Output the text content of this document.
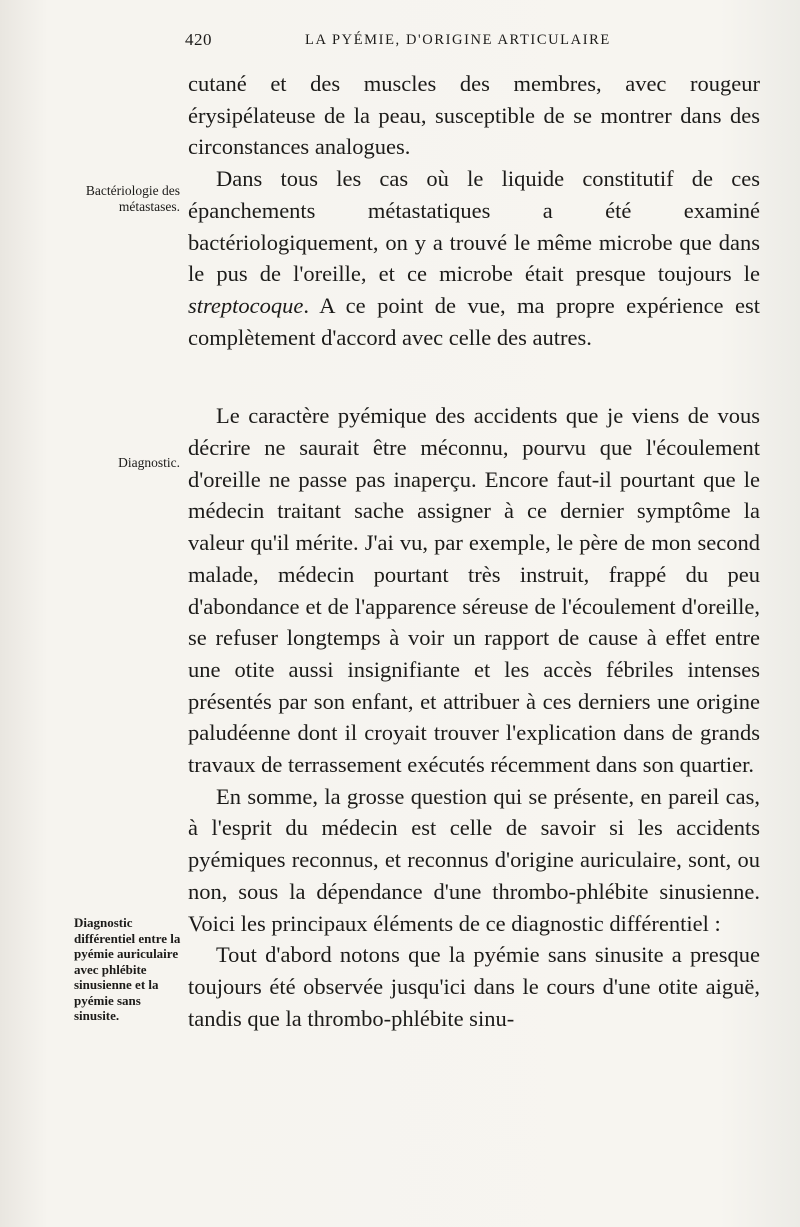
420	LA PYÉMIE, D'ORIGINE ARTICULAIRE
Bactériologie des métastases.
Diagnostic.
Diagnostic différentiel entre la pyémie auriculaire avec phlébite sinusienne et la pyémie sans sinusite.

cutané et des muscles des membres, avec rougeur érysipélateuse de la peau, susceptible de se montrer dans des circonstances analogues.

Dans tous les cas où le liquide constitutif de ces épanchements métastatiques a été examiné bactériologiquement, on y a trouvé le même microbe que dans le pus de l'oreille, et ce microbe était presque toujours le streptocoque. A ce point de vue, ma propre expérience est complètement d'accord avec celle des autres.

Le caractère pyémique des accidents que je viens de vous décrire ne saurait être méconnu, pourvu que l'écoulement d'oreille ne passe pas inaperçu. Encore faut-il pourtant que le médecin traitant sache assigner à ce dernier symptôme la valeur qu'il mérite. J'ai vu, par exemple, le père de mon second malade, médecin pourtant très instruit, frappé du peu d'abondance et de l'apparence séreuse de l'écoulement d'oreille, se refuser longtemps à voir un rapport de cause à effet entre une otite aussi insignifiante et les accès fébriles intenses présentés par son enfant, et attribuer à ces derniers une origine paludéenne dont il croyait trouver l'explication dans de grands travaux de terrassement exécutés récemment dans son quartier.

En somme, la grosse question qui se présente, en pareil cas, à l'esprit du médecin est celle de savoir si les accidents pyémiques reconnus, et reconnus d'origine auriculaire, sont, ou non, sous la dépendance d'une thrombo-phlébite sinusienne. Voici les principaux éléments de ce diagnostic différentiel :

Tout d'abord notons que la pyémie sans sinusite a presque toujours été observée jusqu'ici dans le cours d'une otite aiguë, tandis que la thrombo-phlébite sinu-
